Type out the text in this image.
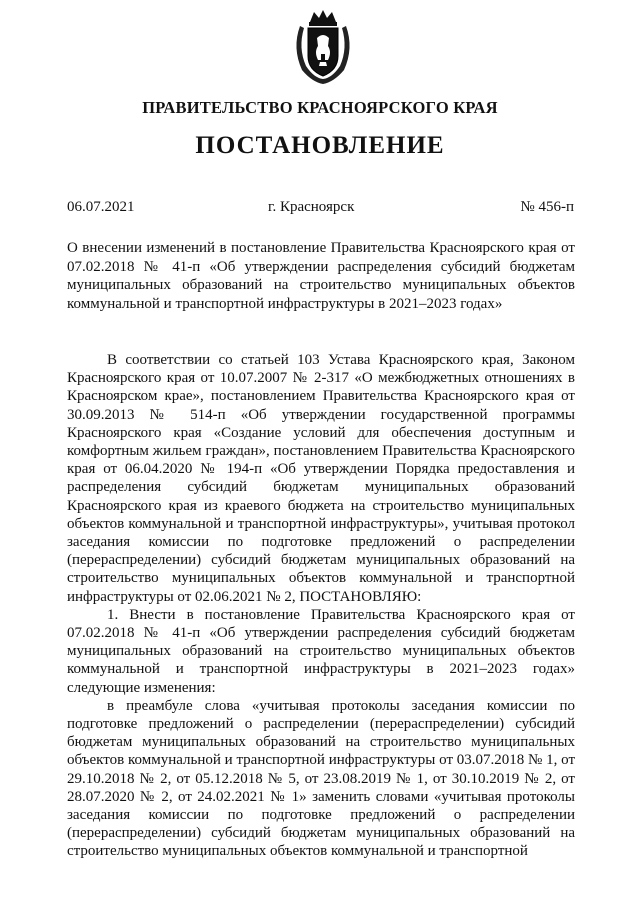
ПРАВИТЕЛЬСТВО КРАСНОЯРСКОГО КРАЯ
ПОСТАНОВЛЕНИЕ
06.07.2021	г. Красноярск	№ 456-п
О внесении изменений в постановление Правительства Красноярского края от 07.02.2018 № 41-п «Об утверждении распределения субсидий бюджетам муниципальных образований на строительство муниципальных объектов коммунальной и транспортной инфраструктуры в 2021–2023 годах»

В соответствии со статьей 103 Устава Красноярского края, Законом Красноярского края от 10.07.2007 № 2-317 «О межбюджетных отношениях в Красноярском крае», постановлением Правительства Красноярского края от 30.09.2013 № 514-п «Об утверждении государственной программы Красноярского края «Создание условий для обеспечения доступным и комфортным жильем граждан», постановлением Правительства Красноярского края от 06.04.2020 № 194-п «Об утверждении Порядка предоставления и распределения субсидий бюджетам муниципальных образований Красноярского края из краевого бюджета на строительство муниципальных объектов коммунальной и транспортной инфраструктуры», учитывая протокол заседания комиссии по подготовке предложений о распределении (перераспределении) субсидий бюджетам муниципальных образований на строительство муниципальных объектов коммунальной и транспортной инфраструктуры от 02.06.2021 № 2, ПОСТАНОВЛЯЮ:

1. Внести в постановление Правительства Красноярского края от 07.02.2018 № 41-п «Об утверждении распределения субсидий бюджетам муниципальных образований на строительство муниципальных объектов коммунальной и транспортной инфраструктуры в 2021–2023 годах» следующие изменения:

в преамбуле слова «учитывая протоколы заседания комиссии по подготовке предложений о распределении (перераспределении) субсидий бюджетам муниципальных образований на строительство муниципальных объектов коммунальной и транспортной инфраструктуры от 03.07.2018 № 1, от 29.10.2018 № 2, от 05.12.2018 № 5, от 23.08.2019 № 1, от 30.10.2019 № 2, от 28.07.2020 № 2, от 24.02.2021 № 1» заменить словами «учитывая протоколы заседания комиссии по подготовке предложений о распределении (перераспределении) субсидий бюджетам муниципальных образований на строительство муниципальных объектов коммунальной и транспортной
